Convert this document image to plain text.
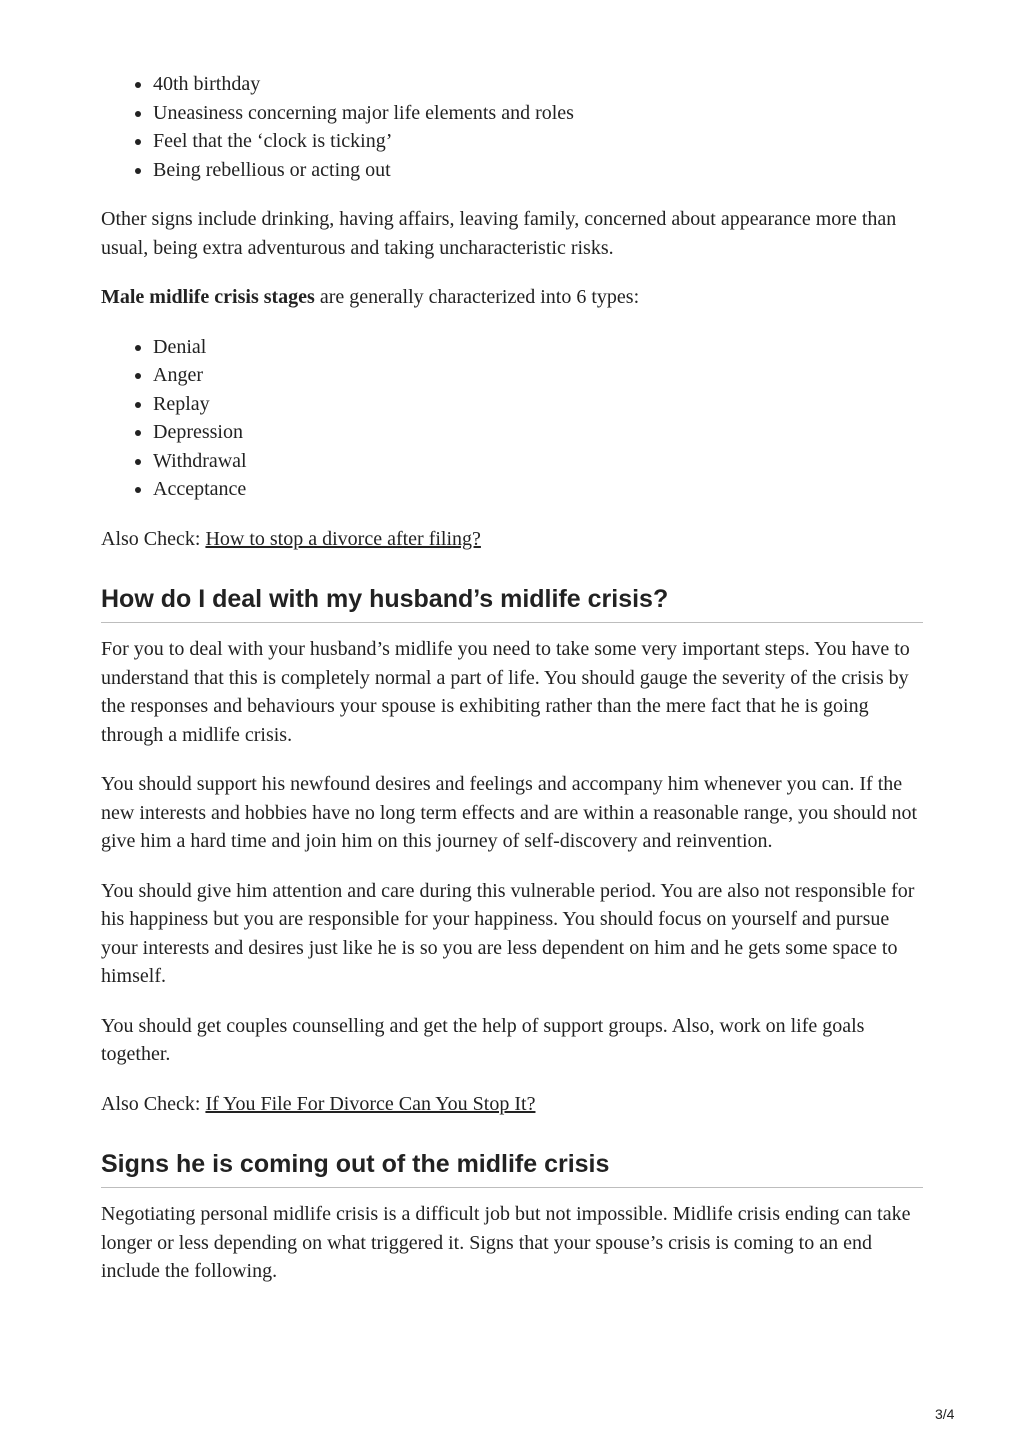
• 40th birthday
• Uneasiness concerning major life elements and roles
• Feel that the ‘clock is ticking’
• Being rebellious or acting out

Other signs include drinking, having affairs, leaving family, concerned about appearance more than usual, being extra adventurous and taking uncharacteristic risks.

Male midlife crisis stages are generally characterized into 6 types:

• Denial
• Anger
• Replay
• Depression
• Withdrawal
• Acceptance

Also Check: How to stop a divorce after filing?

How do I deal with my husband’s midlife crisis?

For you to deal with your husband’s midlife you need to take some very important steps. You have to understand that this is completely normal a part of life. You should gauge the severity of the crisis by the responses and behaviours your spouse is exhibiting rather than the mere fact that he is going through a midlife crisis.

You should support his newfound desires and feelings and accompany him whenever you can. If the new interests and hobbies have no long term effects and are within a reasonable range, you should not give him a hard time and join him on this journey of self-discovery and reinvention.

You should give him attention and care during this vulnerable period. You are also not responsible for his happiness but you are responsible for your happiness. You should focus on yourself and pursue your interests and desires just like he is so you are less dependent on him and he gets some space to himself.

You should get couples counselling and get the help of support groups. Also, work on life goals together.

Also Check: If You File For Divorce Can You Stop It?

Signs he is coming out of the midlife crisis

Negotiating personal midlife crisis is a difficult job but not impossible. Midlife crisis ending can take longer or less depending on what triggered it. Signs that your spouse’s crisis is coming to an end include the following.

3/4
